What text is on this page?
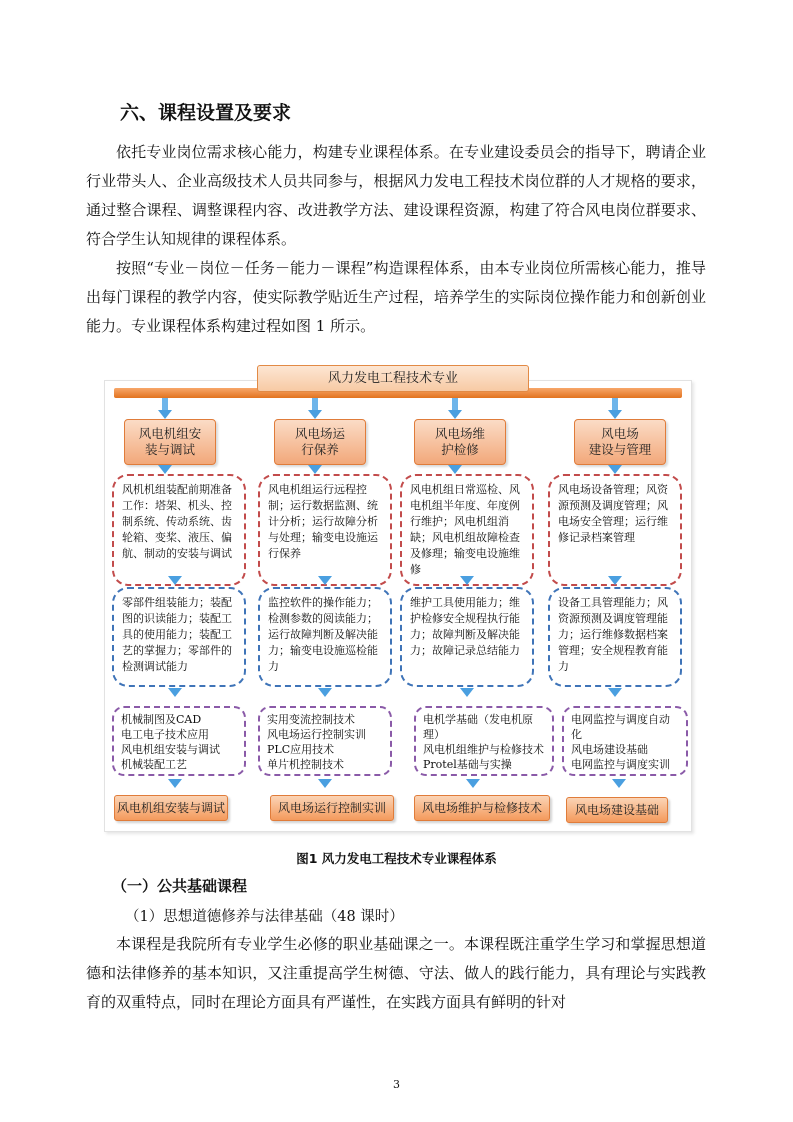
六、课程设置及要求

依托专业岗位需求核心能力，构建专业课程体系。在专业建设委员会的指导下，聘请企业行业带头人、企业高级技术人员共同参与，根据风力发电工程技术岗位群的人才规格的要求，通过整合课程、调整课程内容、改进教学方法、建设课程资源，构建了符合风电岗位群要求、符合学生认知规律的课程体系。

按照“专业－岗位－任务－能力－课程”构造课程体系，由本专业岗位所需核心能力，推导出每门课程的教学内容，使实际教学贴近生产过程，培养学生的实际岗位操作能力和创新创业能力。专业课程体系构建过程如图 1 所示。

风力发电工程技术专业
风电机组安
装与调试
风机机组装配前期准备工作：塔架、机头、控制系统、传动系统、齿轮箱、变桨、液压、偏航、制动的安装与调试
零部件组装能力；装配图的识读能力；装配工具的使用能力；装配工艺的掌握力；零部件的检测调试能力
机械制图及CAD
电工电子技术应用
风电机组安装与调试
机械装配工艺
风电机组安装与调试
风电场运
行保养
风电机组运行远程控制；运行数据监测、统计分析；运行故障分析与处理；输变电设施运行保养
监控软件的操作能力；检测参数的阅读能力；运行故障判断及解决能力；输变电设施巡检能力
实用变流控制技术
风电场运行控制实训
PLC应用技术
单片机控制技术
风电场运行控制实训
风电场维
护检修
风电机组日常巡检、风电机组半年度、年度例行维护；风电机组消缺；风电机组故障检查及修理；输变电设施维修
维护工具使用能力；维护检修安全规程执行能力；故障判断及解决能力；故障记录总结能力
电机学基础（发电机原
理）
风电机组维护与检修技术
Protel基础与实操
风电场维护与检修技术
风电场
建设与管理
风电场设备管理；风资源预测及调度管理；风电场安全管理；运行维修记录档案管理
设备工具管理能力；风资源预测及调度管理能力；运行维修数据档案管理；安全规程教育能力
电网监控与调度自动
化
风电场建设基础
电网监控与调度实训
风电场建设基础
图1 风力发电工程技术专业课程体系
（一）公共基础课程
（1）思想道德修养与法律基础（48 课时）

本课程是我院所有专业学生必修的职业基础课之一。本课程既注重学生学习和掌握思想道德和法律修养的基本知识，又注重提高学生树德、守法、做人的践行能力，具有理论与实践教育的双重特点，同时在理论方面具有严谨性，在实践方面具有鲜明的针对

3
